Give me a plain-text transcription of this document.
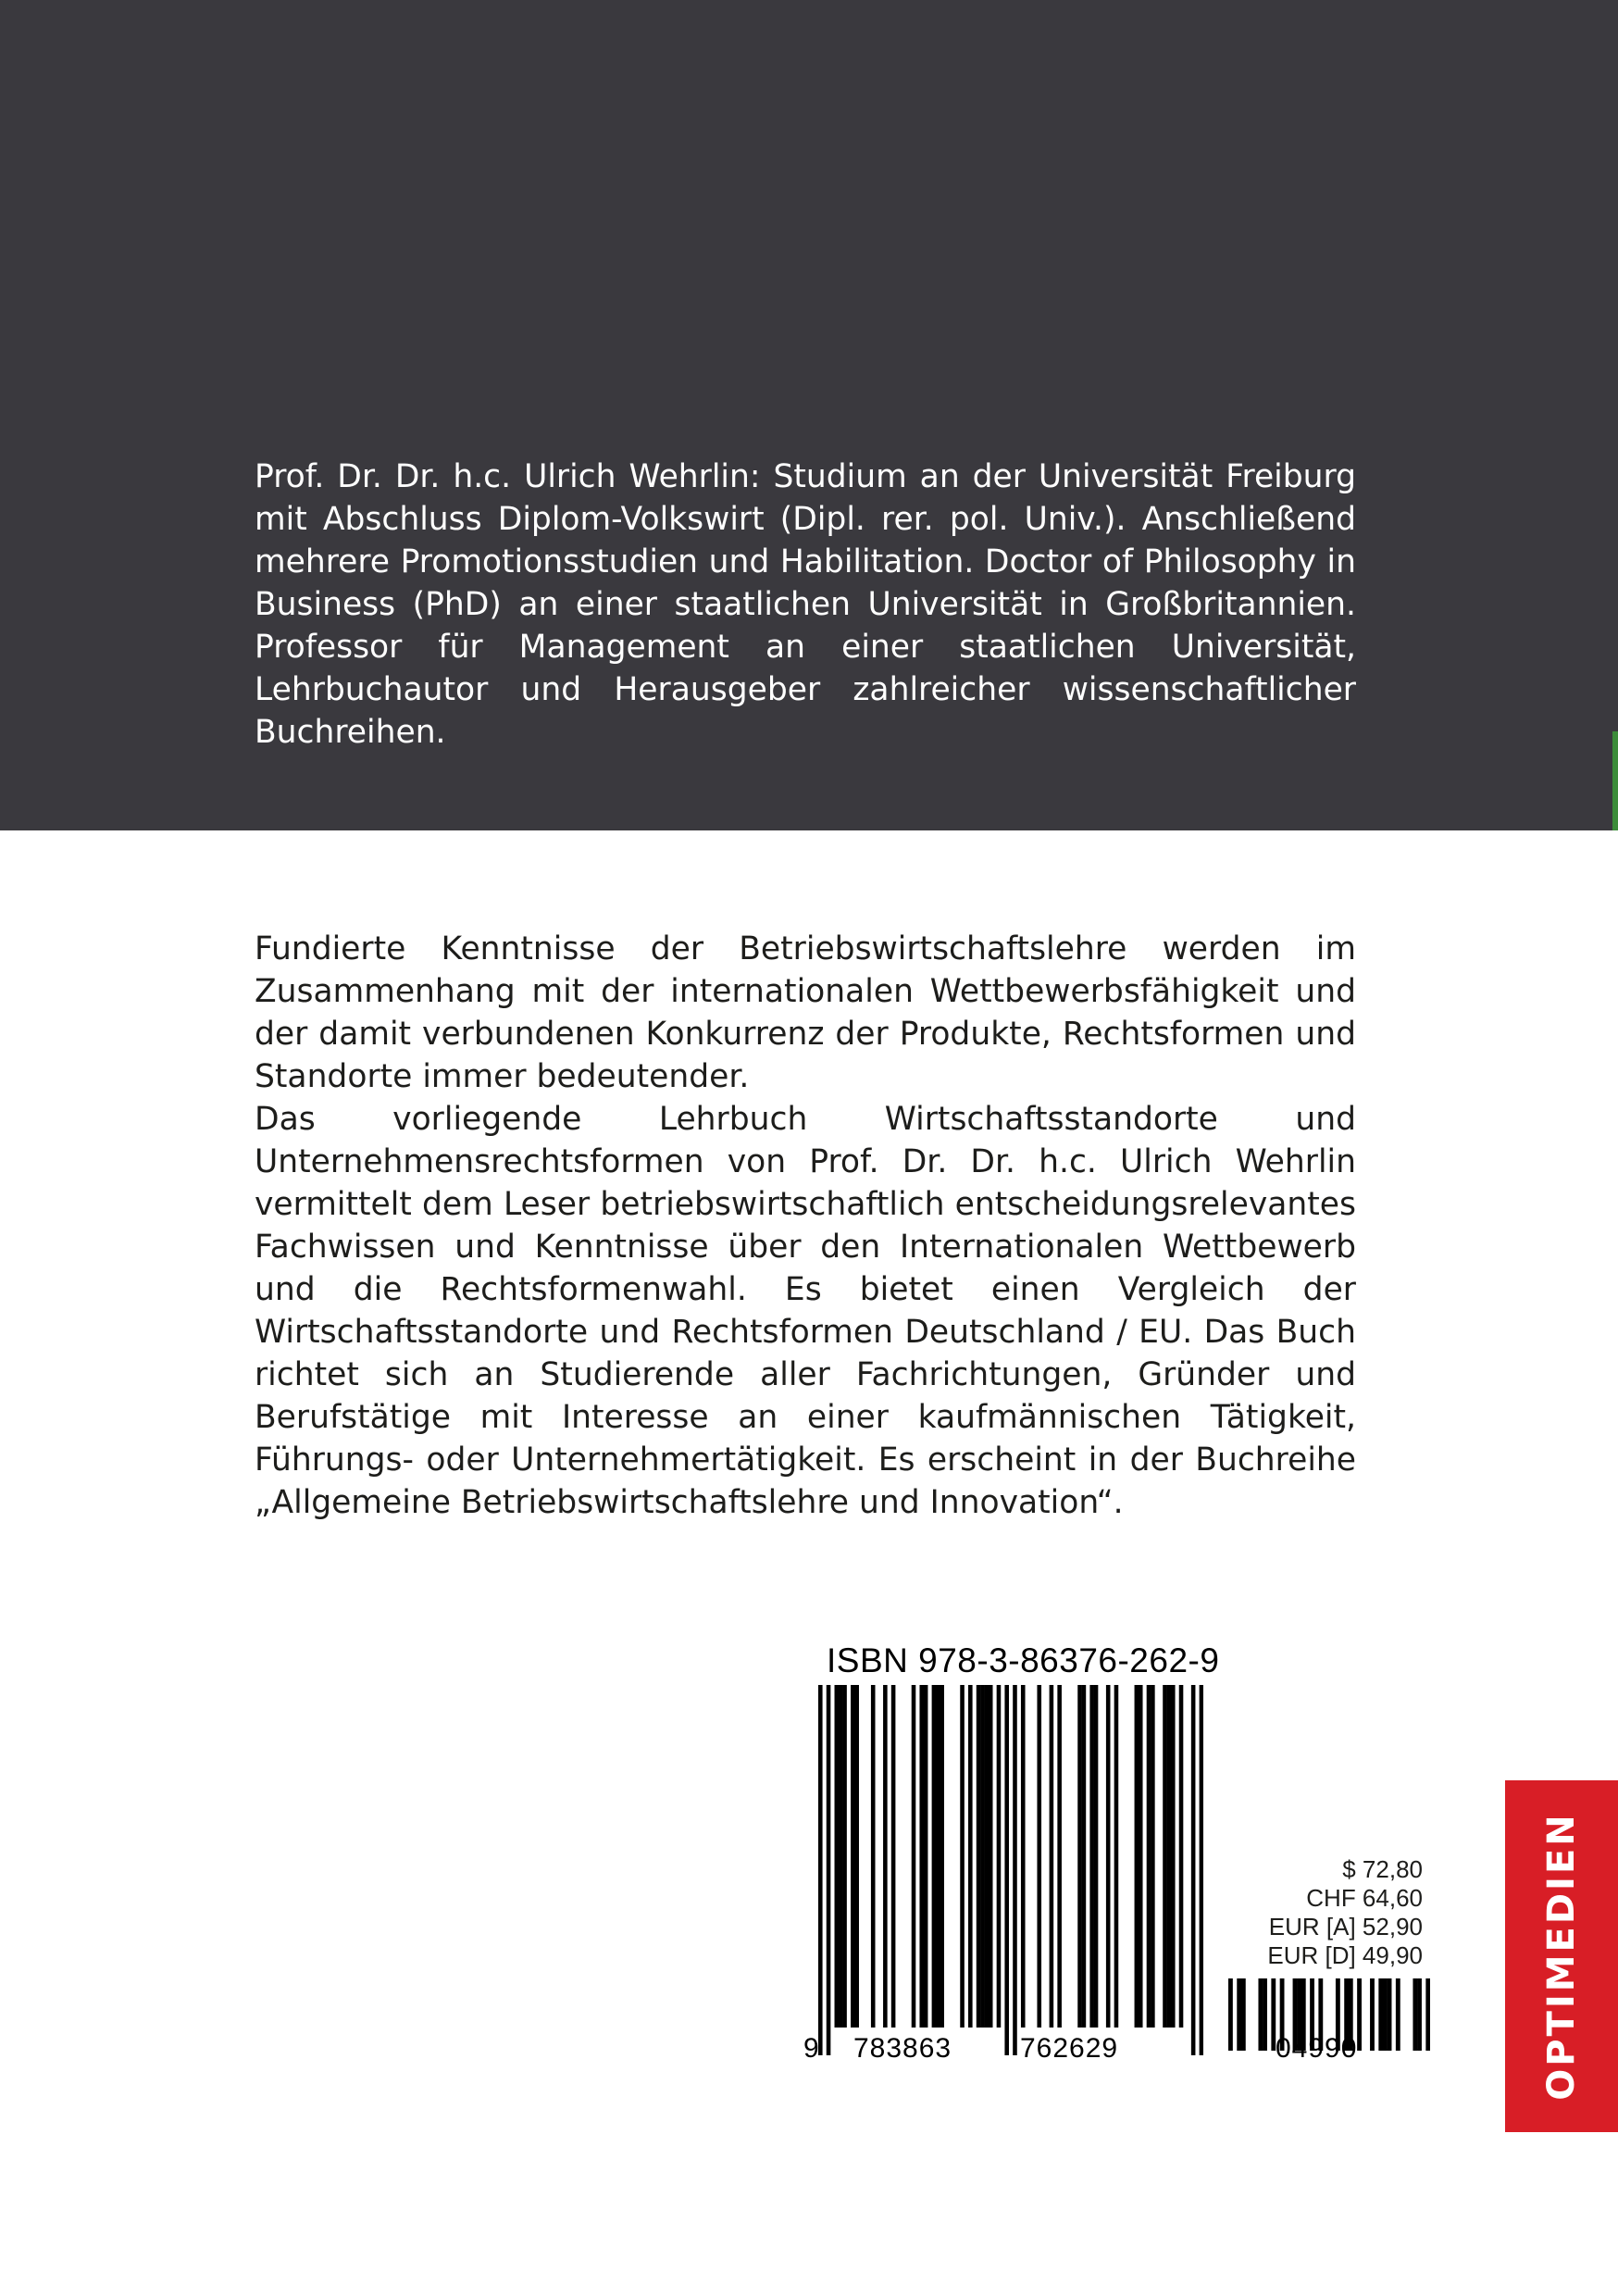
Prof. Dr. Dr. h.c. Ulrich Wehrlin: Studium an der Universität Freiburg mit Abschluss Diplom-Volkswirt (Dipl. rer. pol. Univ.). Anschließend mehrere Promotionsstudien und Habilitation. Doctor of Philosophy in Business (PhD) an einer staatlichen Universität in Großbritannien. Professor für Management an einer staatlichen Universität, Lehrbuchautor und Herausgeber zahlreicher wissenschaftlicher Buchreihen.

Fundierte Kenntnisse der Betriebswirtschaftslehre werden im Zusammenhang mit der internationalen Wettbewerbsfähigkeit und der damit verbundenen Konkurrenz der Produkte, Rechtsformen und Standorte immer bedeutender.

Das vorliegende Lehrbuch Wirtschaftsstandorte und Unternehmensrechtsformen von Prof. Dr. Dr. h.c. Ulrich Wehrlin vermittelt dem Leser betriebswirtschaftlich entscheidungsrelevantes Fachwissen und Kenntnisse über den Internationalen Wettbewerb und die Rechtsformenwahl. Es bietet einen Vergleich der Wirtschaftsstandorte und Rechtsformen Deutschland / EU. Das Buch richtet sich an Studierende aller Fachrichtungen, Gründer und Berufstätige mit Interesse an einer kaufmännischen Tätigkeit, Führungs- oder Unternehmertätigkeit. Es erscheint in der Buchreihe „Allgemeine Betriebswirtschaftslehre und Innovation“.

ISBN 978-3-86376-262-9
9 783863 762629
$ 72,80
CHF 64,60
EUR [A] 52,90
EUR [D] 49,90
04990	OPTIMEDIEN
